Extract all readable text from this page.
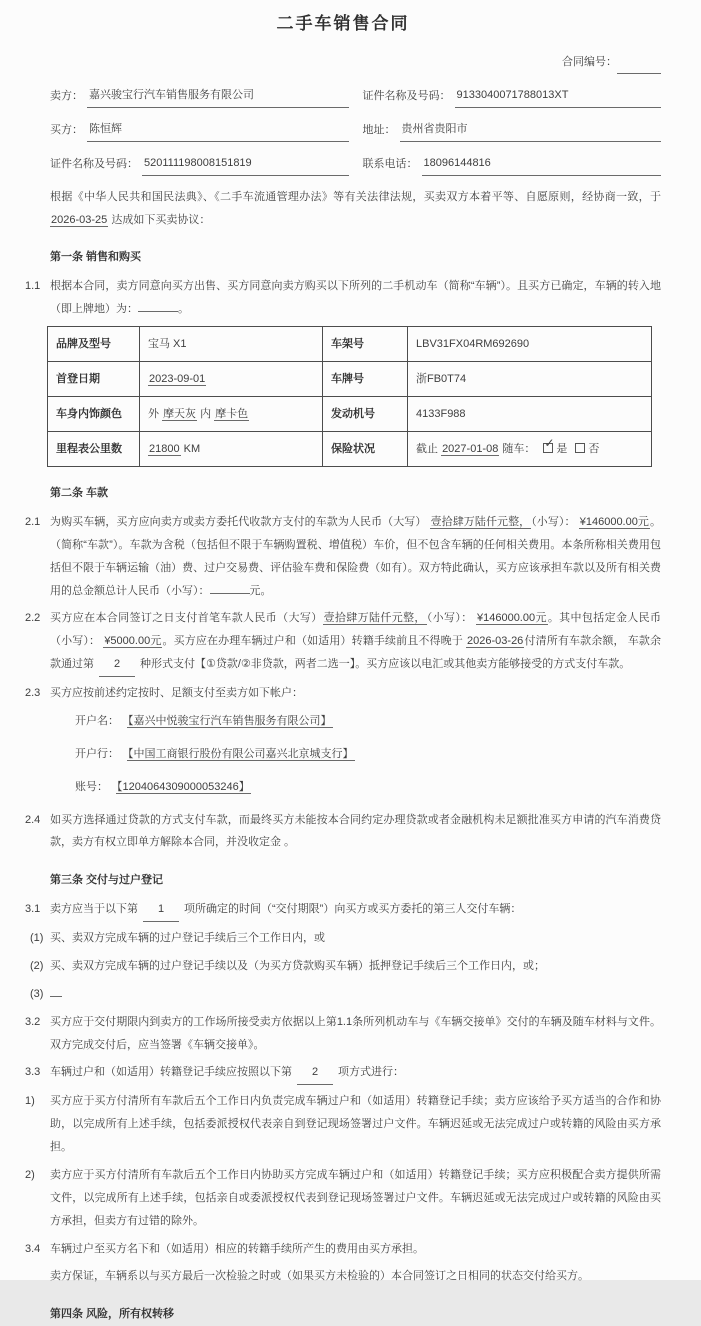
二手车销售合同
合同编号：
卖方： 嘉兴骏宝行汽车销售服务有限公司	证件名称及号码： 9133040071788013XT
买方： 陈恒辉	地址： 贵州省贵阳市
证件名称及号码： 520111198008151819	联系电话： 18096144816

根据《中华人民共和国民法典》、《二手车流通管理办法》等有关法律法规，买卖双方本着平等、自愿原则，经协商一致，于 2026-03-25 达成如下买卖协议：

第一条 销售和购买
1.1 根据本合同，卖方同意向买方出售、买方同意向卖方购买以下所列的二手机动车（简称“车辆”）。且买方已确定，车辆的转入地（即上牌地）为：	。
品牌及型号	宝马 X1	车架号	LBV31FX04RM692690
首登日期	2023-09-01	车牌号	浙FB0T74
车身内饰颜色	外 摩天灰 内 摩卡色	发动机号	4133F988
里程表公里数	21800 KM	保险状况	截止 2027-01-08 随车： ✓ 是 否
第二条 车款
2.1 为购买车辆，买方应向卖方或卖方委托代收款方支付的车款为人民币（大写） 壹拾肆万陆仟元整，（小写）： ¥146000.00元。（简称“车款”）。车款为含税（包括但不限于车辆购置税、增值税）车价，但不包含车辆的任何相关费用。本条所称相关费用包括但不限于车辆运输（油）费、过户交易费、评估验车费和保险费（如有）。双方特此确认，买方应该承担车款以及所有相关费用的总金额总计人民币（小写）：	元。
2.2 买方应在本合同签订之日支付首笔车款人民币（大写）壹拾肆万陆仟元整，（小写）： ¥146000.00元。其中包括定金人民币（小写）： ¥5000.00元。买方应在办理车辆过户和（如适用）转籍手续前且不得晚于 2026-03-26付清所有车款余额， 车款余款通过第 2 种形式支付【①贷款/②非贷款，两者二选一】。买方应该以电汇或其他卖方能够接受的方式支付车款。
2.3 买方应按前述约定按时、足额支付至卖方如下帐户：
开户名： 【嘉兴中悦骏宝行汽车销售服务有限公司】
开户行： 【中国工商银行股份有限公司嘉兴北京城支行】
账号： 【1204064309000053246】
2.4 如买方选择通过贷款的方式支付车款，而最终买方未能按本合同约定办理贷款或者金融机构未足额批准买方申请的汽车消费贷款，卖方有权立即单方解除本合同，并没收定金 。
第三条 交付与过户登记
3.1 卖方应当于以下第 1 项所确定的时间（“交付期限”）向买方或买方委托的第三人交付车辆：
(1) 买、卖双方完成车辆的过户登记手续后三个工作日内，或
(2) 买、卖双方完成车辆的过户登记手续以及（为买方贷款购买车辆）抵押登记手续后三个工作日内，或；
(3)
3.2 买方应于交付期限内到卖方的工作场所接受卖方依据以上第1.1条所列机动车与《车辆交接单》交付的车辆及随车材料与文件。双方完成交付后，应当签署《车辆交接单》。
3.3 车辆过户和（如适用）转籍登记手续应按照以下第 2 项方式进行：
1)	买方应于买方付清所有车款后五个工作日内负责完成车辆过户和（如适用）转籍登记手续；卖方应该给予买方适当的合作和协助，以完成所有上述手续，包括委派授权代表亲自到登记现场签署过户文件。车辆迟延或无法完成过户或转籍的风险由买方承担。
2)	卖方应于买方付清所有车款后五个工作日内协助买方完成车辆过户和（如适用）转籍登记手续；买方应积极配合卖方提供所需文件，以完成所有上述手续，包括亲自或委派授权代表到登记现场签署过户文件。车辆迟延或无法完成过户或转籍的风险由买方承担，但卖方有过错的除外。
3.4 车辆过户至买方名下和（如适用）相应的转籍手续所产生的费用由买方承担。
卖方保证，车辆系以与买方最后一次检验之时或（如果买方未检验的）本合同签订之日相同的状态交付给买方。
第四条 风险，所有权转移
